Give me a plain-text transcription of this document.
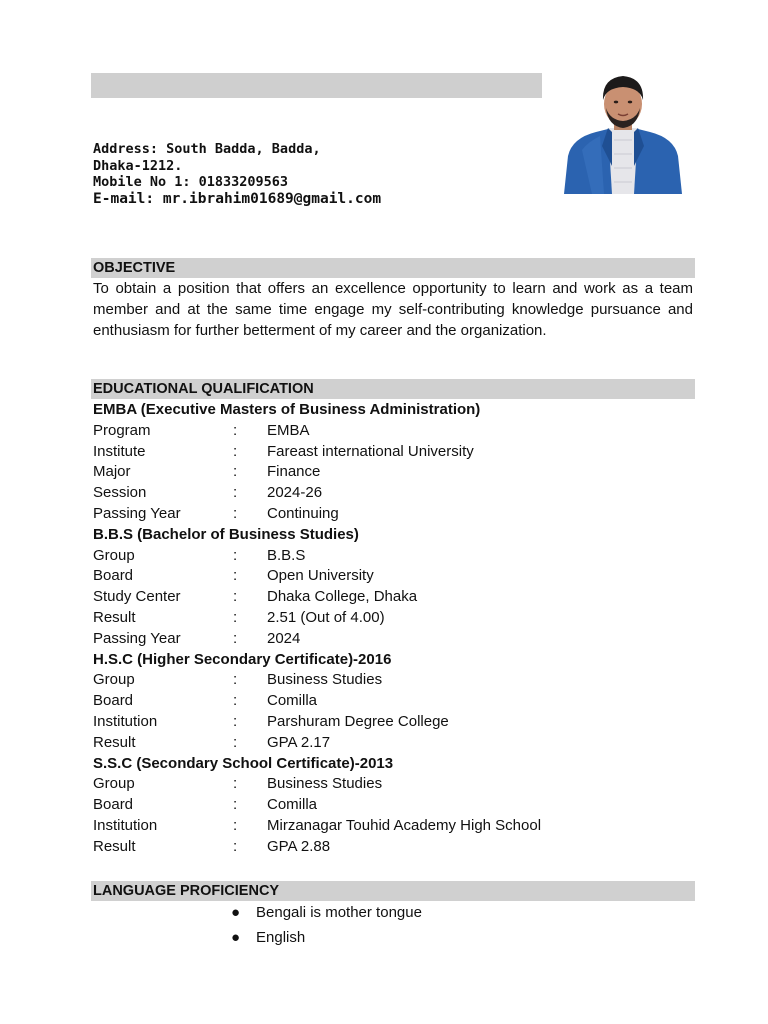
Address: South Badda, Badda,
Dhaka-1212.
Mobile No 1: 01833209563
E-mail: mr.ibrahim01689@gmail.com
OBJECTIVE
To obtain a position that offers an excellence opportunity to learn and work as a team member and at the same time engage my self-contributing knowledge pursuance and enthusiasm for further betterment of my career and the organization.
EDUCATIONAL QUALIFICATION
EMBA (Executive Masters of Business Administration)
Program	: EMBA
Institute	: Fareast international University
Major	: Finance
Session	: 2024-26
Passing Year	: Continuing
B.B.S (Bachelor of Business Studies)
Group	: B.B.S
Board	: Open University
Study Center	: Dhaka College, Dhaka
Result	: 2.51 (Out of 4.00)
Passing Year	: 2024
H.S.C (Higher Secondary Certificate)-2016
Group	: Business Studies
Board	: Comilla
Institution	: Parshuram Degree College
Result	: GPA 2.17
S.S.C (Secondary School Certificate)-2013
Group	: Business Studies
Board	: Comilla
Institution	: Mirzanagar Touhid Academy High School
Result	: GPA 2.88
LANGUAGE PROFICIENCY
● Bengali is mother tongue
● English
